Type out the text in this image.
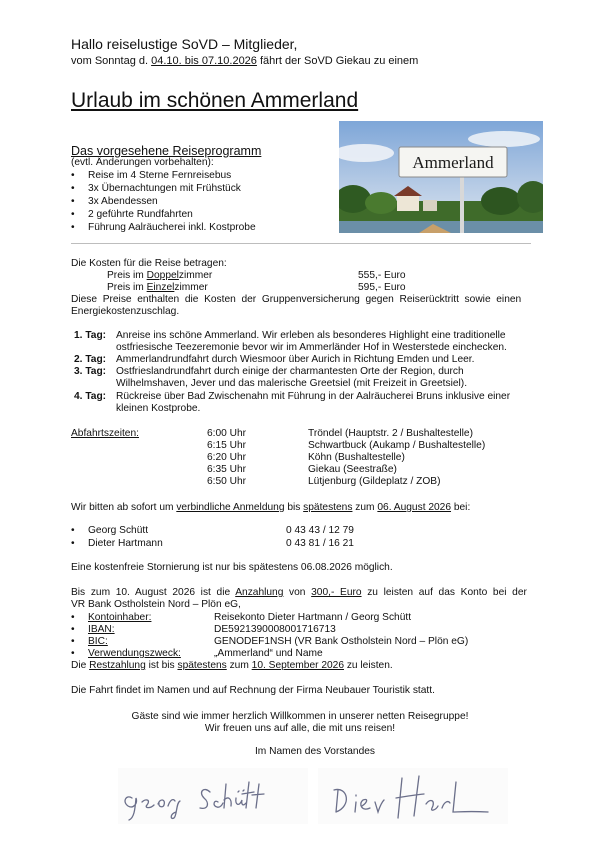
Hallo reiselustige SoVD – Mitglieder,
vom Sonntag d. 04.10. bis 07.10.2026 fährt der SoVD Giekau zu einem
Urlaub im schönen Ammerland
Das vorgesehene Reiseprogramm
(evtl. Änderungen vorbehalten):
• Reise im 4 Sterne Fernreisebus
• 3x Übernachtungen mit Frühstück
• 3x Abendessen
• 2 geführte Rundfahrten
• Führung Aalräucherei inkl. Kostprobe
Ammerland
Die Kosten für die Reise betragen:
Preis im Doppelzimmer	555,- Euro
Preis im Einzelzimmer	595,- Euro
Diese  Preise  enthalten  die  Kosten  der  Gruppenversicherung  gegen  Reiserücktritt  sowie  einen
Energiekostenzuschlag.
1. Tag: Anreise ins schöne Ammerland. Wir erleben als besonderes Highlight eine traditionelle
ostfriesische Teezeremonie bevor wir im Ammerländer Hof in Westerstede einchecken.
2. Tag: Ammerlandrundfahrt durch Wiesmoor über Aurich in Richtung Emden und Leer.
3. Tag: Ostfrieslandrundfahrt durch einige der charmantesten Orte der Region, durch
Wilhelmshaven, Jever und das malerische Greetsiel (mit Freizeit in Greetsiel).
4. Tag: Rückreise über Bad Zwischenahn mit Führung in der Aalräucherei Bruns inklusive einer
kleinen Kostprobe.
Abfahrtszeiten:	6:00 Uhr	Tröndel (Hauptstr. 2 / Bushaltestelle)
6:15 Uhr	Schwartbuck (Aukamp / Bushaltestelle)
6:20 Uhr	Köhn (Bushaltestelle)
6:35 Uhr	Giekau (Seestraße)
6:50 Uhr	Lütjenburg (Gildeplatz / ZOB)
Wir bitten ab sofort um verbindliche Anmeldung bis spätestens zum 06. August 2026 bei:
• Georg Schütt	0 43 43 / 12 79
• Dieter Hartmann	0 43 81 / 16 21
Eine kostenfreie Stornierung ist nur bis spätestens 06.08.2026 möglich.
Bis  zum  10.  August  2026  ist  die  Anzahlung  von  300,-  Euro  zu  leisten  auf  das  Konto  bei  der
VR Bank Ostholstein Nord – Plön eG,
• Kontoinhaber:	Reisekonto Dieter Hartmann / Georg Schütt
• IBAN:	DE59213900080017167​13
• BIC:	GENODEF1NSH (VR Bank Ostholstein Nord – Plön eG)
• Verwendungszweck:	„Ammerland“ und Name
Die Restzahlung ist bis spätestens zum 10. September 2026 zu leisten.
Die Fahrt findet im Namen und auf Rechnung der Firma Neubauer Touristik statt.
Gäste sind wie immer herzlich Willkommen in unserer netten Reisegruppe!
Wir freuen uns auf alle, die mit uns reisen!
Im Namen des Vorstandes
